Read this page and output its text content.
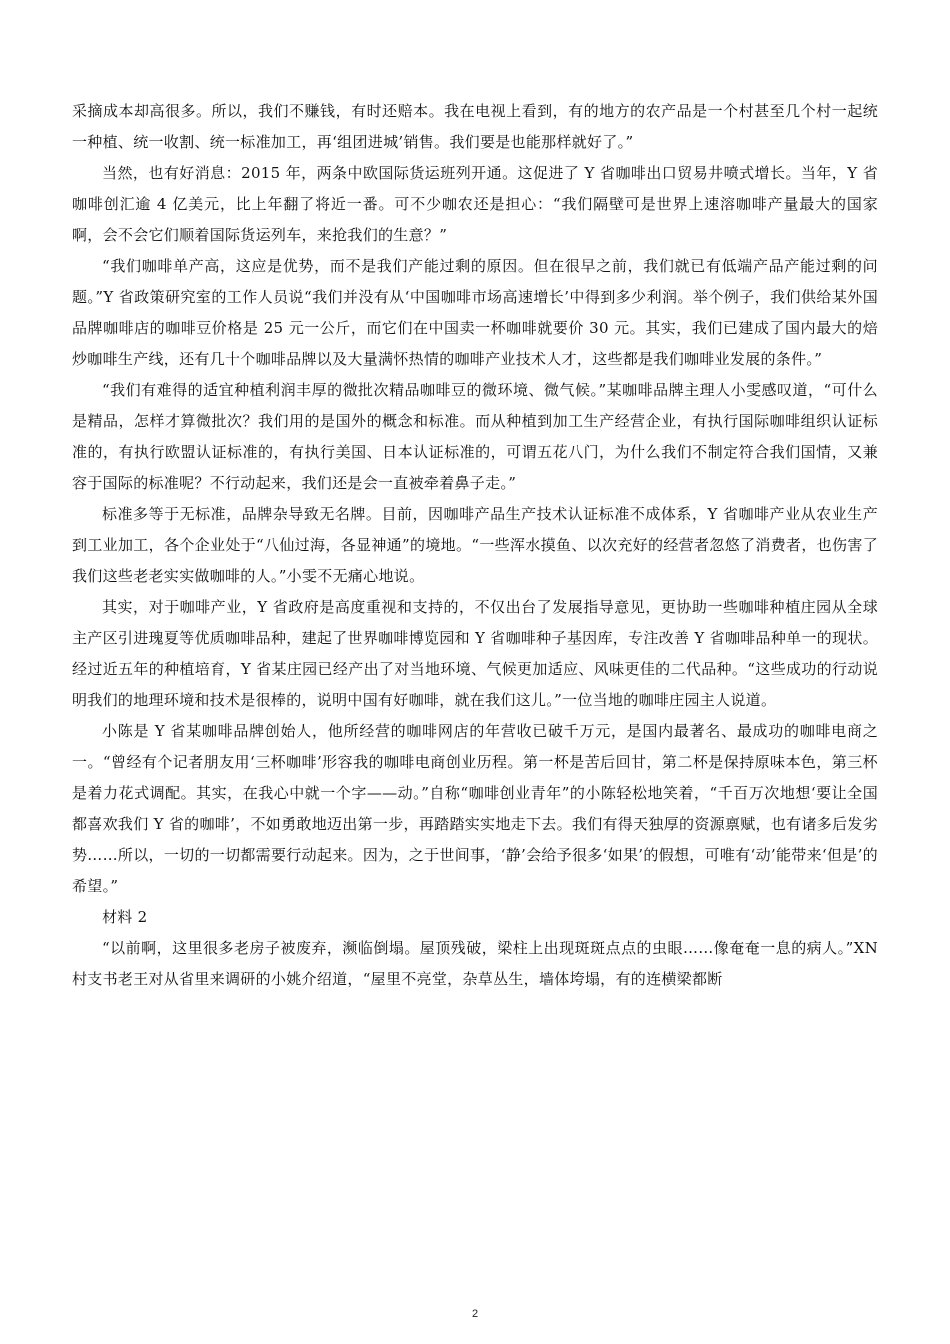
采摘成本却高很多。所以，我们不赚钱，有时还赔本。我在电视上看到，有的地方的农产品是一个村甚至几个村一起统一种植、统一收割、统一标准加工，再‘组团进城’销售。我们要是也能那样就好了。”

当然，也有好消息：2015 年，两条中欧国际货运班列开通。这促进了 Y 省咖啡出口贸易井喷式增长。当年，Y 省咖啡创汇逾 4 亿美元，比上年翻了将近一番。可不少咖农还是担心：“我们隔壁可是世界上速溶咖啡产量最大的国家啊，会不会它们顺着国际货运列车，来抢我们的生意？”

“我们咖啡单产高，这应是优势，而不是我们产能过剩的原因。但在很早之前，我们就已有低端产品产能过剩的问题。”Y 省政策研究室的工作人员说“我们并没有从‘中国咖啡市场高速增长’中得到多少利润。举个例子，我们供给某外国品牌咖啡店的咖啡豆价格是 25 元一公斤，而它们在中国卖一杯咖啡就要价 30 元。其实，我们已建成了国内最大的焙炒咖啡生产线，还有几十个咖啡品牌以及大量满怀热情的咖啡产业技术人才，这些都是我们咖啡业发展的条件。”

“我们有难得的适宜种植利润丰厚的微批次精品咖啡豆的微环境、微气候。”某咖啡品牌主理人小雯感叹道，“可什么是精品，怎样才算微批次？我们用的是国外的概念和标准。而从种植到加工生产经营企业，有执行国际咖啡组织认证标准的，有执行欧盟认证标准的，有执行美国、日本认证标准的，可谓五花八门，为什么我们不制定符合我们国情，又兼容于国际的标准呢？不行动起来，我们还是会一直被牵着鼻子走。”

标准多等于无标准，品牌杂导致无名牌。目前，因咖啡产品生产技术认证标准不成体系，Y 省咖啡产业从农业生产到工业加工，各个企业处于“八仙过海，各显神通”的境地。“一些浑水摸鱼、以次充好的经营者忽悠了消费者，也伤害了我们这些老老实实做咖啡的人。”小雯不无痛心地说。

其实，对于咖啡产业，Y 省政府是高度重视和支持的，不仅出台了发展指导意见，更协助一些咖啡种植庄园从全球主产区引进瑰夏等优质咖啡品种，建起了世界咖啡博览园和 Y 省咖啡种子基因库，专注改善 Y 省咖啡品种单一的现状。经过近五年的种植培育，Y 省某庄园已经产出了对当地环境、气候更加适应、风味更佳的二代品种。“这些成功的行动说明我们的地理环境和技术是很棒的，说明中国有好咖啡，就在我们这儿。”一位当地的咖啡庄园主人说道。

小陈是 Y 省某咖啡品牌创始人，他所经营的咖啡网店的年营收已破千万元，是国内最著名、最成功的咖啡电商之一。“曾经有个记者朋友用‘三杯咖啡’形容我的咖啡电商创业历程。第一杯是苦后回甘，第二杯是保持原味本色，第三杯是着力花式调配。其实，在我心中就一个字——动。”自称“咖啡创业青年”的小陈轻松地笑着，“千百万次地想‘要让全国都喜欢我们 Y 省的咖啡’，不如勇敢地迈出第一步，再踏踏实实地走下去。我们有得天独厚的资源禀赋，也有诸多后发劣势……所以，一切的一切都需要行动起来。因为，之于世间事，‘静’会给予很多‘如果’的假想，可唯有‘动’能带来‘但是’的希望。”

材料 2

“以前啊，这里很多老房子被废弃，濒临倒塌。屋顶残破，梁柱上出现斑斑点点的虫眼……像奄奄一息的病人。”XN 村支书老王对从省里来调研的小姚介绍道，“屋里不亮堂，杂草丛生，墙体垮塌，有的连横梁都断

2
